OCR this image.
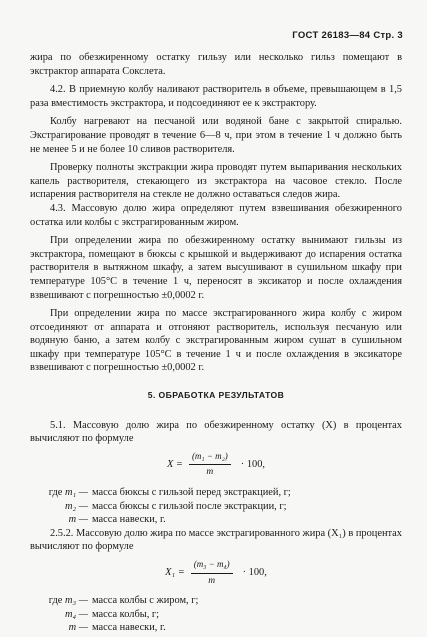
ГОСТ 26183—84 Стр. 3

жира по обезжиренному остатку гильзу или несколько гильз помещают в экстрактор аппарата Сокслета.

4.2. В приемную колбу наливают растворитель в объеме, превышающем в 1,5 раза вместимость экстрактора, и подсоединяют ее к экстрактору.

Колбу нагревают на песчаной или водяной бане с закрытой спиралью. Экстрагирование проводят в течение 6—8 ч, при этом в течение 1 ч должно быть не менее 5 и не более 10 сливов растворителя.

Проверку полноты экстракции жира проводят путем выпаривания нескольких капель растворителя, стекающего из экстрактора на часовое стекло. После испарения растворителя на стекле не должно оставаться следов жира.

4.3. Массовую долю жира определяют путем взвешивания обезжиренного остатка или колбы с экстрагированным жиром.

При определении жира по обезжиренному остатку вынимают гильзы из экстрактора, помещают в бюксы с крышкой и выдерживают до испарения остатка растворителя в вытяжном шкафу, а затем высушивают в сушильном шкафу при температуре 105°С в течение 1 ч, переносят в эксикатор и после охлаждения взвешивают с погрешностью ±0,0002 г.

При определении жира по массе экстрагированного жира колбу с жиром отсоединяют от аппарата и отгоняют растворитель, используя песчаную или водяную баню, а затем колбу с экстрагированным жиром сушат в сушильном шкафу при температуре 105°С в течение 1 ч и после охлаждения в эксикаторе взвешивают с погрешностью ±0,0002 г.

5. ОБРАБОТКА РЕЗУЛЬТАТОВ

5.1. Массовую долю жира по обезжиренному остатку (X) в процентах вычисляют по формуле

$X = \frac{\text{(m₁ − m₂)}}{m} \cdot 100$,
где m₁ — масса бюксы с гильзой перед экстракцией, г;
m₂ — масса бюксы с гильзой после экстракции, г;
m — масса навески, г.

2.5.2. Массовую долю жира по массе экстрагированного жира (X₁) в процентах вычисляют по формуле

$X_1 = \frac{\text{(m₃ − m₄)}}{m} \cdot 100$,
где m₃ — масса колбы с жиром, г;
m₄ — масса колбы, г;
m — масса навески, г.
